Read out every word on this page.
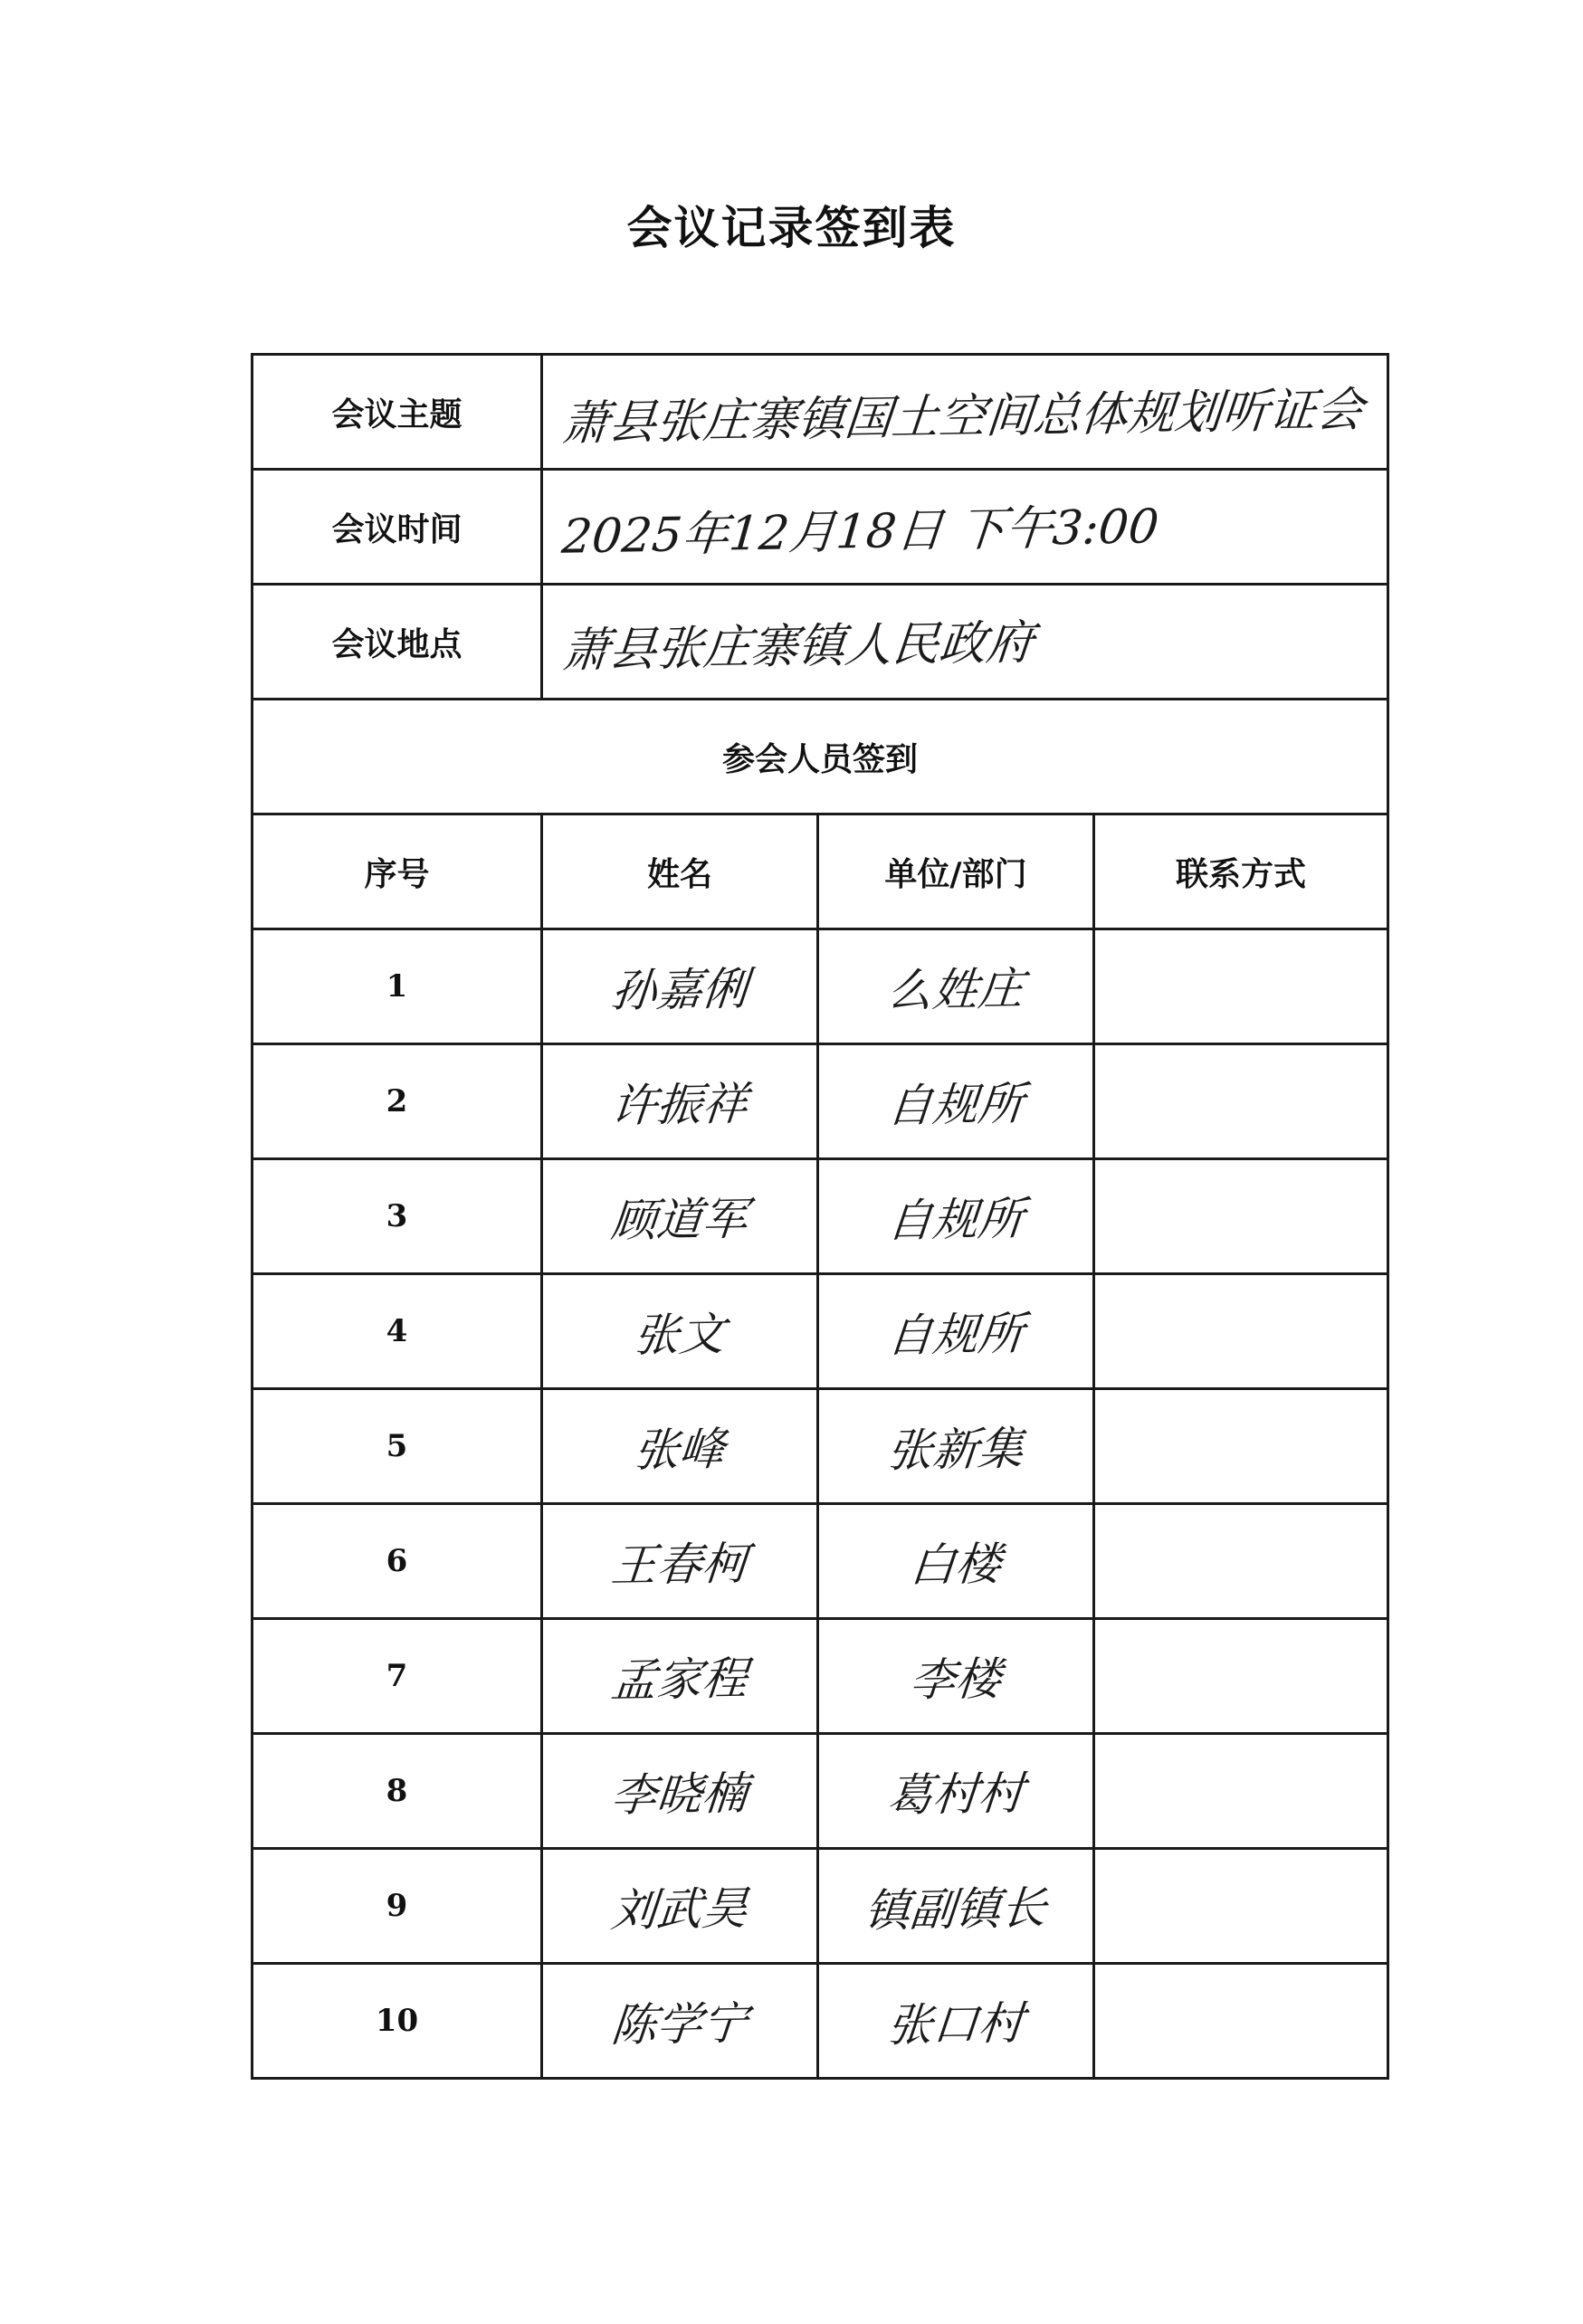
会议记录签到表
会议主题	萧县张庄寨镇国土空间总体规划听证会		
会议时间	2025年12月18日 下午3:00		
会议地点	萧县张庄寨镇人民政府		
参会人员签到			
序号	姓名	单位/部门	联系方式
1	孙嘉俐	么姓庄	
2	许振祥	自规所	
3	顾道军	自规所	
4	张文	自规所	
5	张峰	张新集	
6	王春柯	白楼	
7	孟家程	李楼	
8	李晓楠	葛村村	
9	刘武昊	镇副镇长	
10	陈学宁	张口村	
